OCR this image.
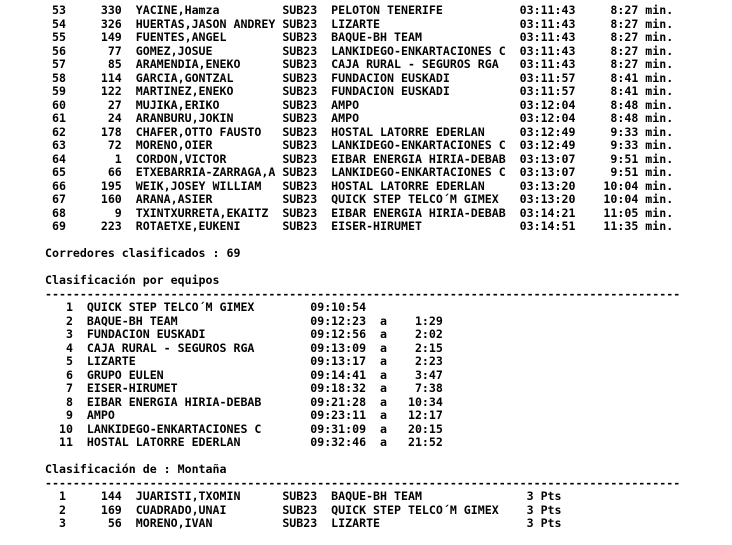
53     330  YACINE,Hamza         SUB23  PELOTON TENERIFE           03:11:43     8:27 min.
54     326  HUERTAS,JASON ANDREY SUB23  LIZARTE                    03:11:43     8:27 min.
55     149  FUENTES,ANGEL        SUB23  BAQUE-BH TEAM              03:11:43     8:27 min.
56      77  GOMEZ,JOSUE          SUB23  LANKIDEGO-ENKARTACIONES C  03:11:43     8:27 min.
57      85  ARAMENDIA,ENEKO      SUB23  CAJA RURAL - SEGUROS RGA   03:11:43     8:27 min.
58     114  GARCIA,GONTZAL       SUB23  FUNDACION EUSKADI          03:11:57     8:41 min.
59     122  MARTINEZ,ENEKO       SUB23  FUNDACION EUSKADI          03:11:57     8:41 min.
60      27  MUJIKA,ERIKO         SUB23  AMPO                       03:12:04     8:48 min.
61      24  ARANBURU,JOKIN       SUB23  AMPO                       03:12:04     8:48 min.
62     178  CHAFER,OTTO FAUSTO   SUB23  HOSTAL LATORRE EDERLAN     03:12:49     9:33 min.
63      72  MORENO,OIER          SUB23  LANKIDEGO-ENKARTACIONES C  03:12:49     9:33 min.
64       1  CORDON,VICTOR        SUB23  EIBAR ENERGIA HIRIA-DEBAB  03:13:07     9:51 min.
65      66  ETXEBARRIA-ZARRAGA,A SUB23  LANKIDEGO-ENKARTACIONES C  03:13:07     9:51 min.
66     195  WEIK,JOSEY WILLIAM   SUB23  HOSTAL LATORRE EDERLAN     03:13:20    10:04 min.
67     160  ARANA,ASIER          SUB23  QUICK STEP TELCO´M GIMEX   03:13:20    10:04 min.
68       9  TXINTXURRETA,EKAITZ  SUB23  EIBAR ENERGIA HIRIA-DEBAB  03:14:21    11:05 min.
69     223  ROTAETXE,EUKENI      SUB23  EISER-HIRUMET              03:14:51    11:35 min.
Corredores clasificados : 69
Clasificación por equipos
-------------------------------------------------------------------------------------------
1  QUICK STEP TELCO´M GIMEX        09:10:54
2  BAQUE-BH TEAM                   09:12:23  a    1:29
3  FUNDACION EUSKADI               09:12:56  a    2:02
4  CAJA RURAL - SEGUROS RGA        09:13:09  a    2:15
5  LIZARTE                         09:13:17  a    2:23
6  GRUPO EULEN                     09:14:41  a    3:47
7  EISER-HIRUMET                   09:18:32  a    7:38
8  EIBAR ENERGIA HIRIA-DEBAB       09:21:28  a   10:34
9  AMPO                            09:23:11  a   12:17
10  LANKIDEGO-ENKARTACIONES C       09:31:09  a   20:15
11  HOSTAL LATORRE EDERLAN          09:32:46  a   21:52
Clasificación de : Montaña
-------------------------------------------------------------------------------------------
1     144  JUARISTI,TXOMIN      SUB23  BAQUE-BH TEAM               3 Pts
2     169  CUADRADO,UNAI        SUB23  QUICK STEP TELCO´M GIMEX    3 Pts
3      56  MORENO,IVAN          SUB23  LIZARTE                     3 Pts
